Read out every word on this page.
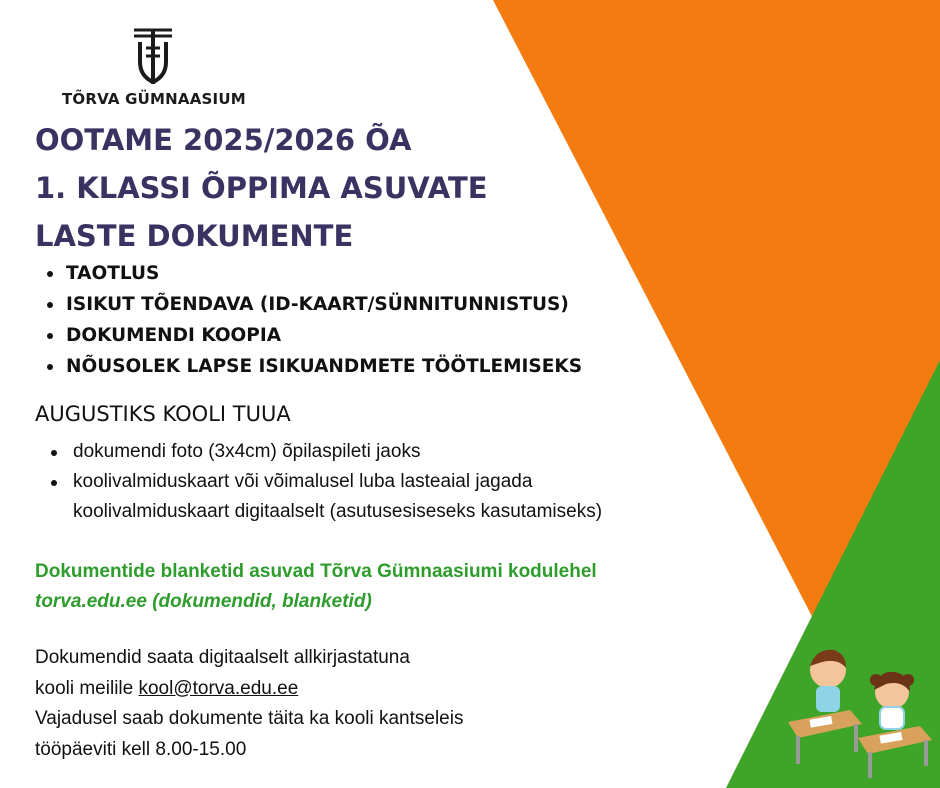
TÕRVA GÜMNAASIUM
OOTAME 2025/2026 ÕA
1. KLASSI ÕPPIMA ASUVATE
LASTE DOKUMENTE
TAOTLUS
ISIKUT TÕENDAVA (ID-KAART/SÜNNITUNNISTUS)
DOKUMENDI KOOPIA
NÕUSOLEK LAPSE ISIKUANDMETE TÖÖTLEMISEKS
AUGUSTIKS KOOLI TUUA
dokumendi foto (3x4cm) õpilaspileti jaoks
koolivalmiduskaart või võimalusel luba lasteaial jagada
koolivalmiduskaart digitaalselt (asutusesiseseks kasutamiseks)
Dokumentide blanketid asuvad Tõrva Gümnaasiumi kodulehel
torva.edu.ee (dokumendid, blanketid)
Dokumendid saata digitaalselt allkirjastatuna
kooli meilile kool@torva.edu.ee
Vajadusel saab dokumente täita ka kooli kantseleis
tööpäeviti kell 8.00-15.00
